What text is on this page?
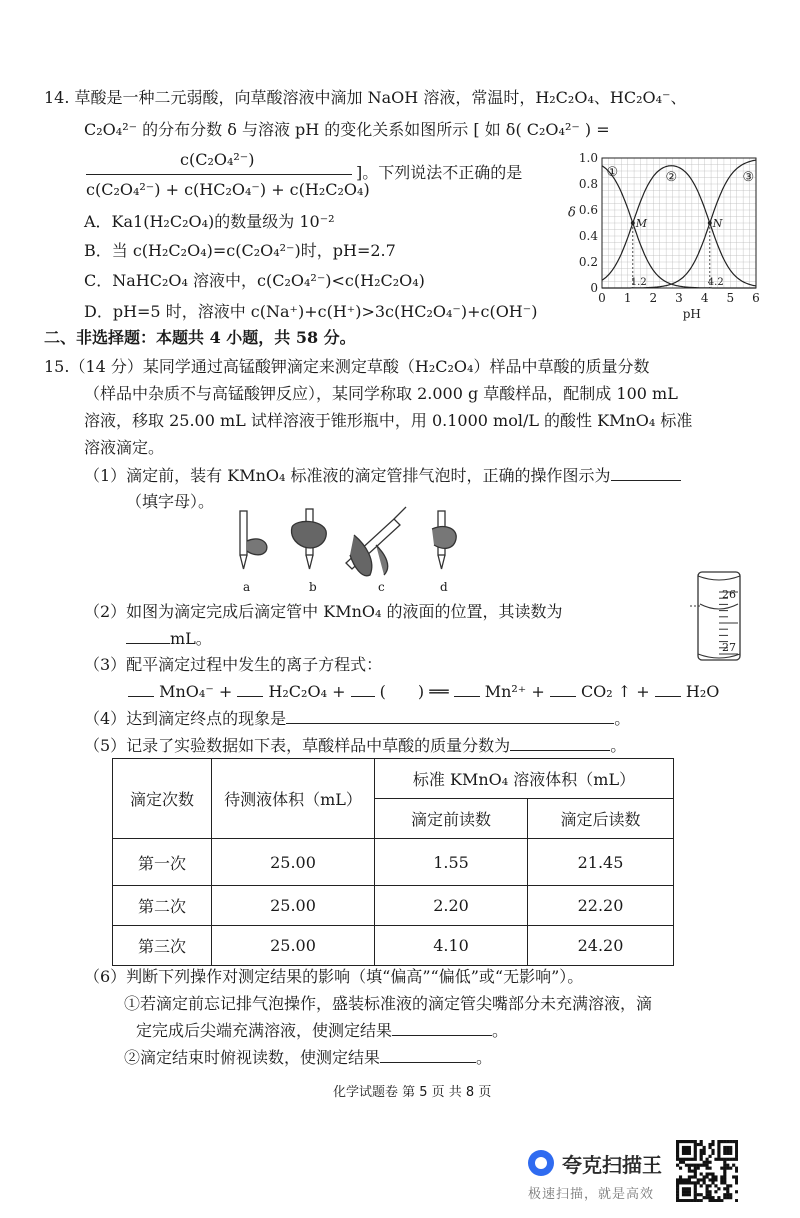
14. 草酸是一种二元弱酸，向草酸溶液中滴加 NaOH 溶液，常温时，H₂C₂O₄、HC₂O₄⁻、
C₂O₄²⁻ 的分布分数 δ 与溶液 pH 的变化关系如图所示 [ 如 δ( C₂O₄²⁻ ) =
c(C₂O₄²⁻)
c(C₂O₄²⁻) + c(HC₂O₄⁻) + c(H₂C₂O₄)
]。下列说法不正确的是
A．Ka1(H₂C₂O₄)的数量级为 10⁻²
B．当 c(H₂C₂O₄)=c(C₂O₄²⁻)时，pH=2.7
C．NaHC₂O₄ 溶液中，c(C₂O₄²⁻)<c(H₂C₂O₄)
D．pH=5 时，溶液中 c(Na⁺)+c(H⁺)>3c(HC₂O₄⁻)+c(OH⁻)
①	②	③
M	N
1.2	4.2
0 1 2 3 4 5 6
0
0.2
0.4
0.6
0.8
1.0
pH
δ
二、非选择题：本题共 4 小题，共 58 分。
15.（14 分）某同学通过高锰酸钾滴定来测定草酸（H₂C₂O₄）样品中草酸的质量分数
（样品中杂质不与高锰酸钾反应），某同学称取 2.000 g 草酸样品，配制成 100 mL
溶液，移取 25.00 mL 试样溶液于锥形瓶中，用 0.1000 mol/L 的酸性 KMnO₄ 标准
溶液滴定。
（1）滴定前，装有 KMnO₄ 标准液的滴定管排气泡时，正确的操作图示为
（填字母）。
a	b	c	d
（2）如图为滴定完成后滴定管中 KMnO₄ 的液面的位置，其读数为
mL。
26
27
（3）配平滴定过程中发生的离子方程式：
MnO₄⁻ + H₂C₂O₄ + (　　) ══ Mn²⁺ + CO₂ ↑ + H₂O
（4）达到滴定终点的现象是	。
（5）记录了实验数据如下表，草酸样品中草酸的质量分数为	。
滴定次数	待测液体积（mL）	标准 KMnO₄ 溶液体积（mL）	
		滴定前读数	滴定后读数
第一次	25.00	1.55	21.45
第二次	25.00	2.20	22.20
第三次	25.00	4.10	24.20
（6）判断下列操作对测定结果的影响（填“偏高”“偏低”或“无影响”）。
①若滴定前忘记排气泡操作，盛装标准液的滴定管尖嘴部分未充满溶液，滴
定完成后尖端充满溶液，使测定结果	。
②滴定结束时俯视读数，使测定结果	。
化学试题卷 第 5 页 共 8 页
夸克扫描王
极速扫描，就是高效
